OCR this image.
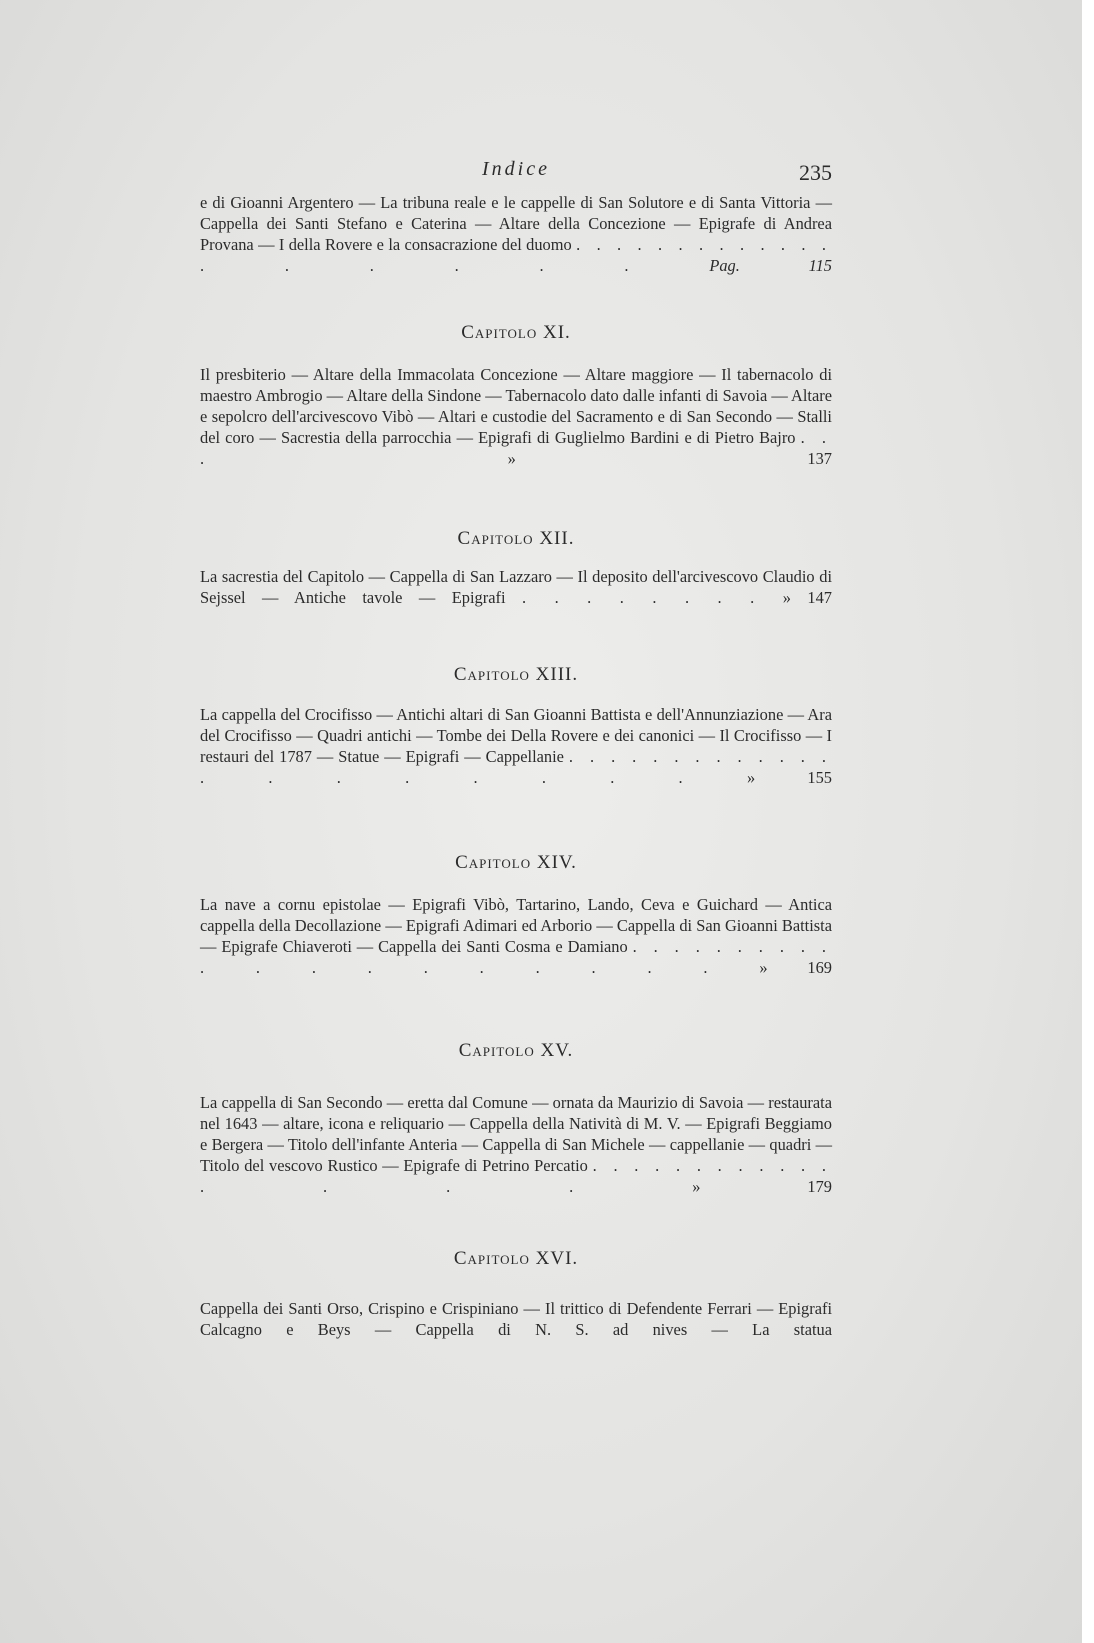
Indice	235
e di Gioanni Argentero — La tribuna reale e le cappelle di San Solutore e di Santa Vittoria — Cappella dei Santi Stefano e Caterina — Altare della Concezione — Epigrafe di Andrea Provana — I della Rovere e la consacrazione del duomo . . . . . . . . . . . . . . . . . . .	Pag. 115
Capitolo XI.
Il presbiterio — Altare della Immacolata Concezione — Altare maggiore — Il tabernacolo di maestro Ambrogio — Altare della Sindone — Tabernacolo dato dalle infanti di Savoia — Altare e sepolcro dell'arcivescovo Vibò — Altari e custodie del Sacramento e di San Secondo — Stalli del coro — Sacrestia della parrocchia — Epigrafi di Guglielmo Bardini e di Pietro Bajro . . .	» 137
Capitolo XII.
La sacrestia del Capitolo — Cappella di San Lazzaro — Il deposito dell'arcivescovo Claudio di Sejssel — Antiche tavole — Epigrafi . . . . . . . . » 147
Capitolo XIII.
La cappella del Crocifisso — Antichi altari di San Gioanni Battista e dell'Annunziazione — Ara del Crocifisso — Quadri antichi — Tombe dei Della Rovere e dei canonici — Il Crocifisso — I restauri del 1787 — Statue — Epigrafi — Cappellanie . . . . . . . . . . . . . . . . . . . . .	» 155
Capitolo XIV.
La nave a cornu epistolae — Epigrafi Vibò, Tartarino, Lando, Ceva e Guichard — Antica cappella della Decollazione — Epigrafi Adimari ed Arborio — Cappella di San Gioanni Battista — Epigrafe Chiaveroti — Cappella dei Santi Cosma e Damiano . . . . . . . . . . . . . . . . . . . .	» 169
Capitolo XV.
La cappella di San Secondo — eretta dal Comune — ornata da Maurizio di Savoia — restaurata nel 1643 — altare, icona e reliquario — Cappella della Natività di M. V. — Epigrafi Beggiamo e Bergera — Titolo dell'infante Anteria — Cappella di San Michele — cappellanie — quadri — Titolo del vescovo Rustico — Epigrafe di Petrino Percatio . . . . . . . . . . . . . . . .	» 179
Capitolo XVI.
Cappella dei Santi Orso, Crispino e Crispiniano — Il trittico di Defendente Ferrari — Epigrafi Calcagno e Beys — Cappella di N. S. ad nives — La statua
